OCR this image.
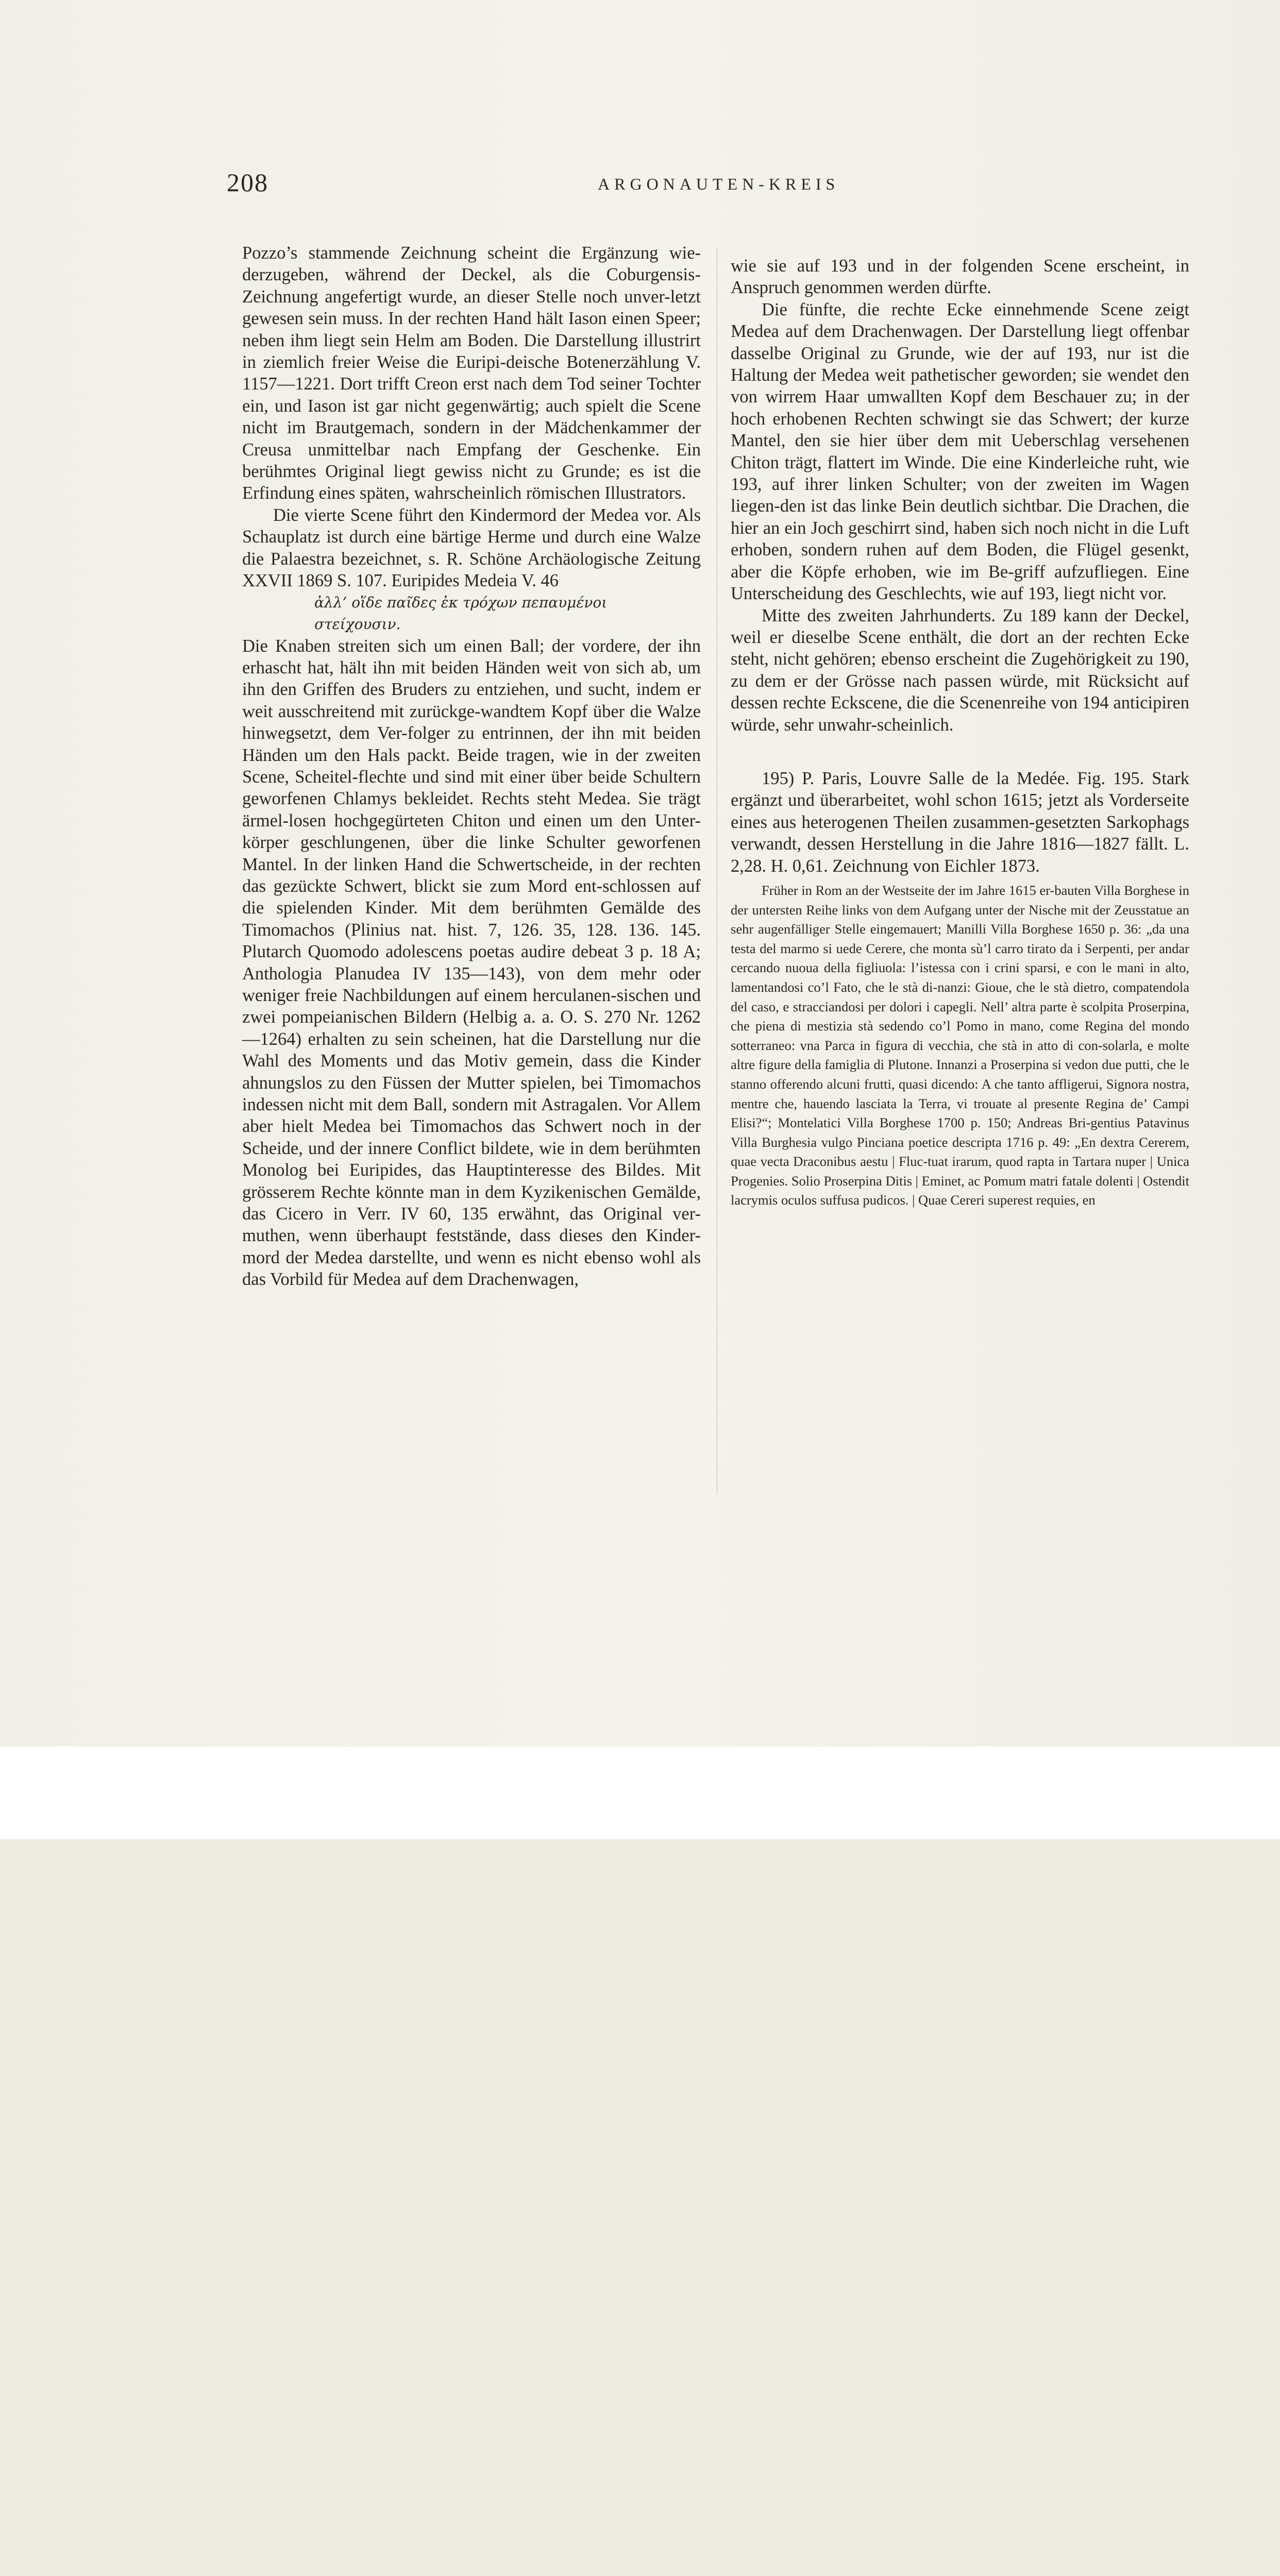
208	ARGONAUTEN-KREIS

Pozzo’s stammende Zeichnung scheint die Ergänzung wie-derzugeben, während der Deckel, als die Coburgensis-Zeichnung angefertigt wurde, an dieser Stelle noch unver-letzt gewesen sein muss. In der rechten Hand hält Iason einen Speer; neben ihm liegt sein Helm am Boden. Die Darstellung illustrirt in ziemlich freier Weise die Euripi-deische Botenerzählung V. 1157—1221. Dort trifft Creon erst nach dem Tod seiner Tochter ein, und Iason ist gar nicht gegenwärtig; auch spielt die Scene nicht im Brautgemach, sondern in der Mädchenkammer der Creusa unmittelbar nach Empfang der Geschenke. Ein berühmtes Original liegt gewiss nicht zu Grunde; es ist die Erfindung eines späten, wahrscheinlich römischen Illustrators.

Die vierte Scene führt den Kindermord der Medea vor. Als Schauplatz ist durch eine bärtige Herme und durch eine Walze die Palaestra bezeichnet, s. R. Schöne Archäologische Zeitung XXVII 1869 S. 107. Euripides Medeia V. 46

ἀλλ’ οἵδε παῖδες ἐκ τρόχων πεπαυμένοι
στείχουσιν.

Die Knaben streiten sich um einen Ball; der vordere, der ihn erhascht hat, hält ihn mit beiden Händen weit von sich ab, um ihn den Griffen des Bruders zu entziehen, und sucht, indem er weit ausschreitend mit zurückge-wandtem Kopf über die Walze hinwegsetzt, dem Ver-folger zu entrinnen, der ihn mit beiden Händen um den Hals packt. Beide tragen, wie in der zweiten Scene, Scheitel-flechte und sind mit einer über beide Schultern geworfenen Chlamys bekleidet. Rechts steht Medea. Sie trägt ärmel-losen hochgegürteten Chiton und einen um den Unter-körper geschlungenen, über die linke Schulter geworfenen Mantel. In der linken Hand die Schwertscheide, in der rechten das gezückte Schwert, blickt sie zum Mord ent-schlossen auf die spielenden Kinder. Mit dem berühmten Gemälde des Timomachos (Plinius nat. hist. 7, 126. 35, 128. 136. 145. Plutarch Quomodo adolescens poetas audire debeat 3 p. 18 A; Anthologia Planudea IV 135—143), von dem mehr oder weniger freie Nachbildungen auf einem herculanen-sischen und zwei pompeianischen Bildern (Helbig a. a. O. S. 270 Nr. 1262—1264) erhalten zu sein scheinen, hat die Darstellung nur die Wahl des Moments und das Motiv gemein, dass die Kinder ahnungslos zu den Füssen der Mutter spielen, bei Timomachos indessen nicht mit dem Ball, sondern mit Astragalen. Vor Allem aber hielt Medea bei Timomachos das Schwert noch in der Scheide, und der innere Conflict bildete, wie in dem berühmten Monolog bei Euripides, das Hauptinteresse des Bildes. Mit grösserem Rechte könnte man in dem Kyzikenischen Gemälde, das Cicero in Verr. IV 60, 135 erwähnt, das Original ver-muthen, wenn überhaupt feststände, dass dieses den Kinder-mord der Medea darstellte, und wenn es nicht ebenso wohl als das Vorbild für Medea auf dem Drachenwagen,

wie sie auf 193 und in der folgenden Scene erscheint, in Anspruch genommen werden dürfte.

Die fünfte, die rechte Ecke einnehmende Scene zeigt Medea auf dem Drachenwagen. Der Darstellung liegt offenbar dasselbe Original zu Grunde, wie der auf 193, nur ist die Haltung der Medea weit pathetischer geworden; sie wendet den von wirrem Haar umwallten Kopf dem Beschauer zu; in der hoch erhobenen Rechten schwingt sie das Schwert; der kurze Mantel, den sie hier über dem mit Ueberschlag versehenen Chiton trägt, flattert im Winde. Die eine Kinderleiche ruht, wie 193, auf ihrer linken Schulter; von der zweiten im Wagen liegen-den ist das linke Bein deutlich sichtbar. Die Drachen, die hier an ein Joch geschirrt sind, haben sich noch nicht in die Luft erhoben, sondern ruhen auf dem Boden, die Flügel gesenkt, aber die Köpfe erhoben, wie im Be-griff aufzufliegen. Eine Unterscheidung des Geschlechts, wie auf 193, liegt nicht vor.

Mitte des zweiten Jahrhunderts. Zu 189 kann der Deckel, weil er dieselbe Scene enthält, die dort an der rechten Ecke steht, nicht gehören; ebenso erscheint die Zugehörigkeit zu 190, zu dem er der Grösse nach passen würde, mit Rücksicht auf dessen rechte Eckscene, die die Scenenreihe von 194 anticipiren würde, sehr unwahr-scheinlich.

195) P. Paris, Louvre Salle de la Medée. Fig. 195. Stark ergänzt und überarbeitet, wohl schon 1615; jetzt als Vorderseite eines aus heterogenen Theilen zusammen-gesetzten Sarkophags verwandt, dessen Herstellung in die Jahre 1816—1827 fällt. L. 2,28. H. 0,61. Zeichnung von Eichler 1873.

Früher in Rom an der Westseite der im Jahre 1615 er-bauten Villa Borghese in der untersten Reihe links von dem Aufgang unter der Nische mit der Zeusstatue an sehr augenfälliger Stelle eingemauert; Manilli Villa Borghese 1650 p. 36: „da una testa del marmo si uede Cerere, che monta sù’l carro tirato da i Serpenti, per andar cercando nuoua della figliuola: l’istessa con i crini sparsi, e con le mani in alto, lamentandosi co’l Fato, che le stà di-nanzi: Gioue, che le stà dietro, compatendola del caso, e stracciandosi per dolori i capegli. Nell’ altra parte è scolpita Proserpina, che piena di mestizia stà sedendo co’l Pomo in mano, come Regina del mondo sotterraneo: vna Parca in figura di vecchia, che stà in atto di con-solarla, e molte altre figure della famiglia di Plutone. Innanzi a Proserpina si vedon due putti, che le stanno offerendo alcuni frutti, quasi dicendo: A che tanto affligerui, Signora nostra, mentre che, hauendo lasciata la Terra, vi trouate al presente Regina de’ Campi Elisi?“; Montelatici Villa Borghese 1700 p. 150; Andreas Bri-gentius Patavinus Villa Burghesia vulgo Pinciana poetice descripta 1716 p. 49: „En dextra Cererem, quae vecta Draconibus aestu | Fluc-tuat irarum, quod rapta in Tartara nuper | Unica Progenies. Solio Proserpina Ditis | Eminet, ac Pomum matri fatale dolenti | Ostendit lacrymis oculos suffusa pudicos. | Quae Cereri superest requies, en
